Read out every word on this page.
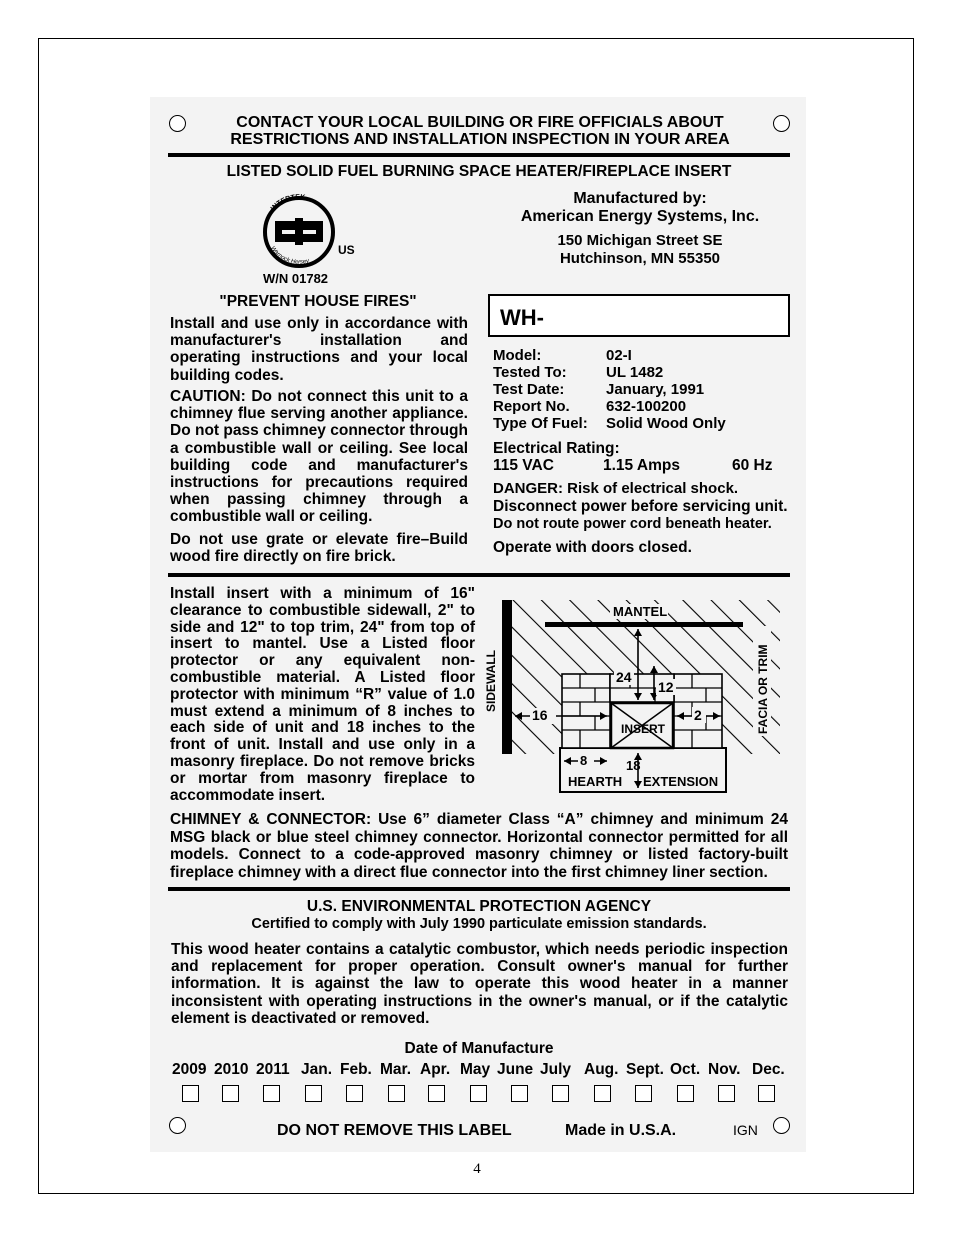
CONTACT YOUR LOCAL BUILDING OR FIRE OFFICIALS ABOUT
RESTRICTIONS AND INSTALLATION INSPECTION IN YOUR AREA
LISTED SOLID FUEL BURNING SPACE HEATER/FIREPLACE INSERT
INTERTEK
Warnock Hersey
US
W/N 01782
Manufactured by:
American Energy Systems, Inc.
150 Michigan Street SE
Hutchinson, MN 55350
"PREVENT HOUSE FIRES"
Install and use only in accordance with manufacturer's installation and operating instructions and your local building codes.
CAUTION: Do not connect this unit to a chimney flue serving another appliance. Do not pass chimney connector through a combustible wall or ceiling. See local building code and manufacturer's instructions for precautions required when passing chimney through a combustible wall or ceiling.
Do not use grate or elevate fire–Build wood fire directly on fire brick.
WH-
Model:	02-I
Tested To:	UL 1482
Test Date:	January, 1991
Report No. 632-100200
Type Of Fuel: Solid Wood Only
Electrical Rating:
115 VAC	1.15 Amps	60 Hz
DANGER: Risk of electrical shock.
Disconnect power before servicing unit.
Do not route power cord beneath heater.
Operate with doors closed.
Install insert with a minimum of 16" clearance to combustible sidewall, 2" to side and 12" to top trim, 24" from top of insert to mantel. Use a Listed floor protector or any equivalent non-combustible material. A Listed floor protector with minimum “R” value of 1.0 must extend a minimum of 8 inches to each side of unit and 18 inches to the front of unit. Install and use only in a masonry fireplace. Do not remove bricks or mortar from masonry fireplace to accommodate insert.
MANTEL
16
24
12
2
8	18
INSERT
HEARTH EXTENSION
SIDEWALL	FACIA OR TRIM
CHIMNEY & CONNECTOR: Use 6” diameter Class “A” chimney and minimum 24 MSG black or blue steel chimney connector. Horizontal connector permitted for all models. Connect to a code-approved masonry chimney or listed factory-built fireplace chimney with a direct flue connector into the first chimney liner section.
U.S. ENVIRONMENTAL PROTECTION AGENCY
Certified to comply with July 1990 particulate emission standards.
This wood heater contains a catalytic combustor, which needs periodic inspection and replacement for proper operation. Consult owner's manual for further information. It is against the law to operate this wood heater in a manner inconsistent with operating instructions in the owner's manual, or if the catalytic element is deactivated or removed.
Date of Manufacture
2009 2010 2011 Jan. Feb. Mar. Apr. May June July Aug. Sept. Oct. Nov. Dec.
DO NOT REMOVE THIS LABEL	Made in U.S.A.	IGN
4
